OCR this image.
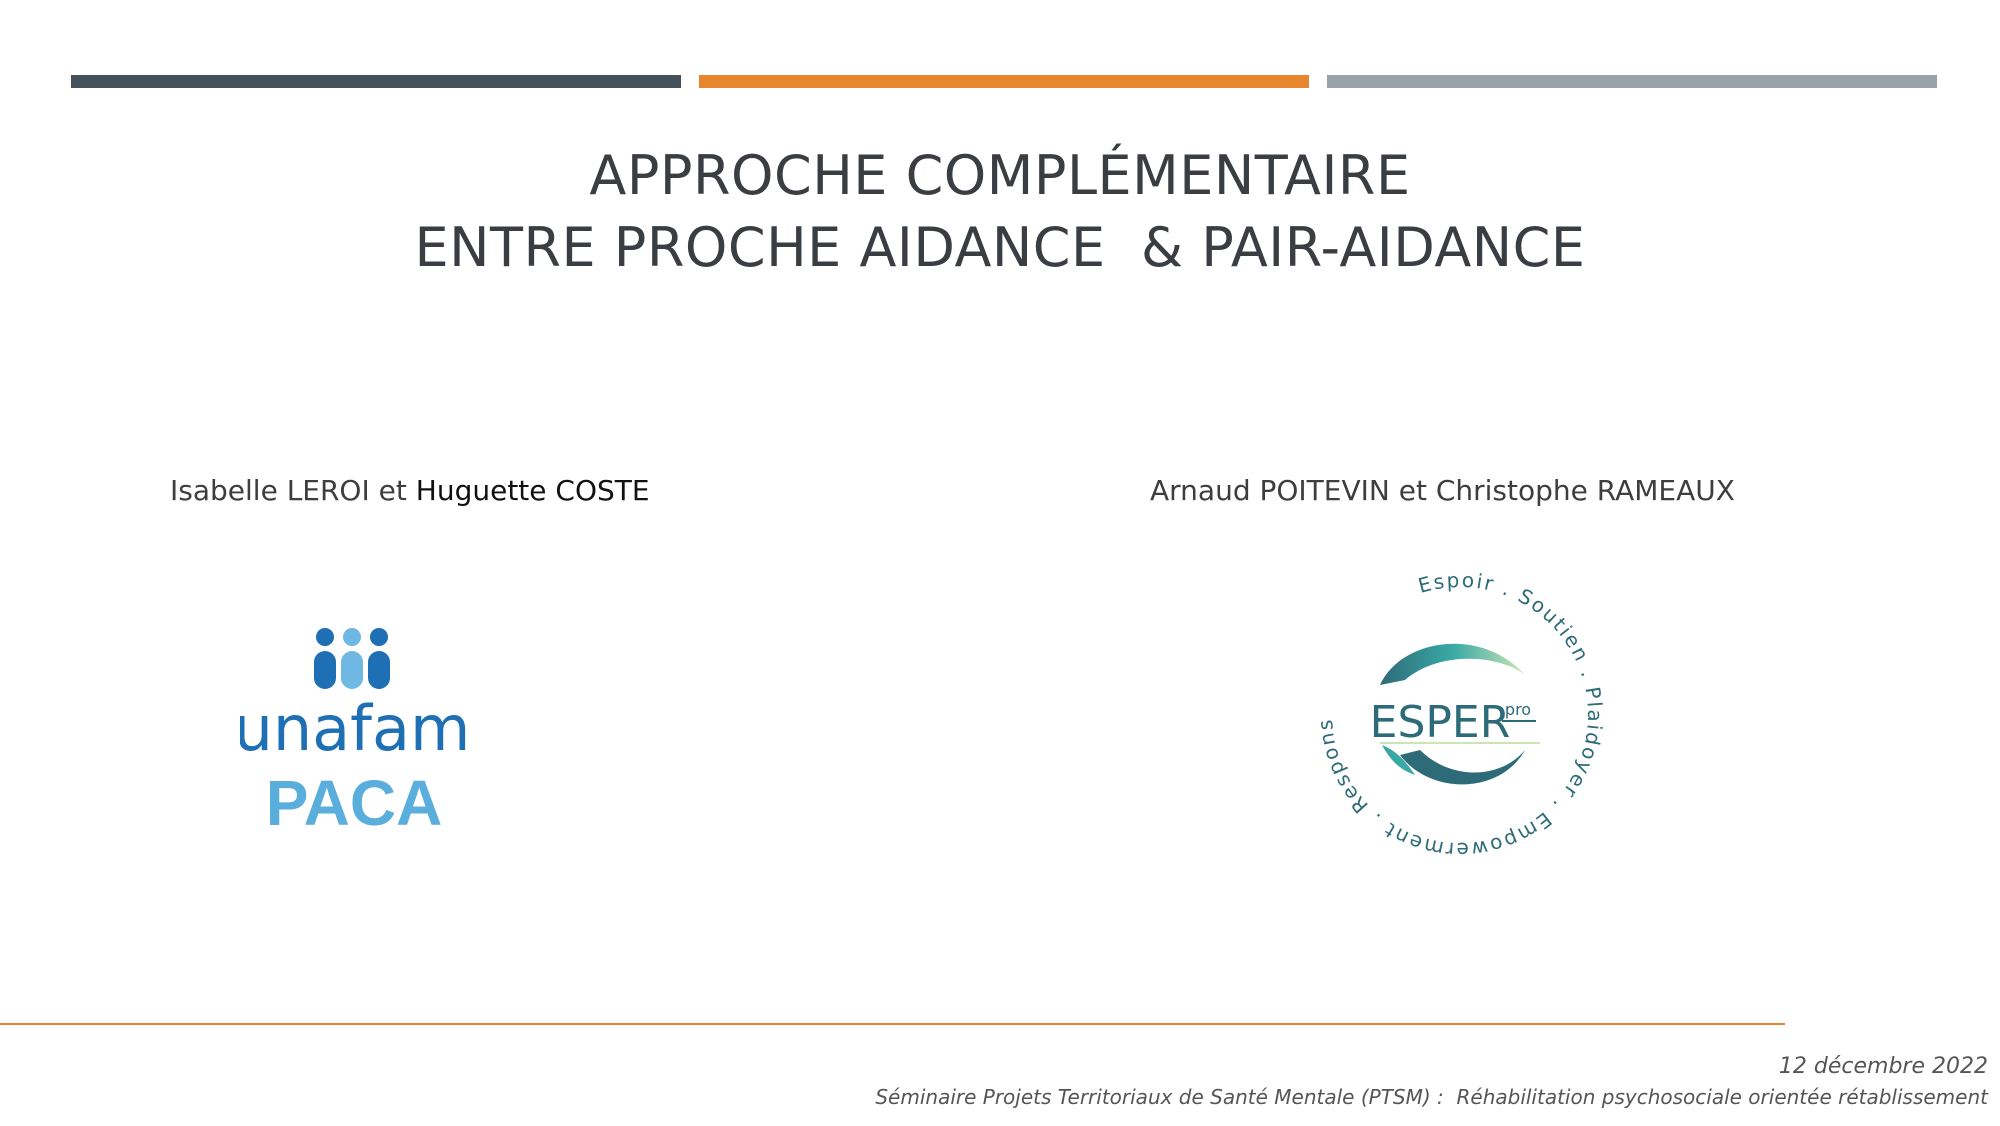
APPROCHE COMPLÉMENTAIRE
ENTRE PROCHE AIDANCE  & PAIR-AIDANCE
Isabelle LEROI et Huguette COSTE	Arnaud POITEVIN et Christophe RAMEAUX
unafam
PACA
Espoir . Soutien . Plaidoyer . Empowerment . Respons ESPER
pro
12 décembre 2022
Séminaire Projets Territoriaux de Santé Mentale (PTSM) :  Réhabilitation psychosociale orientée rétablissement
